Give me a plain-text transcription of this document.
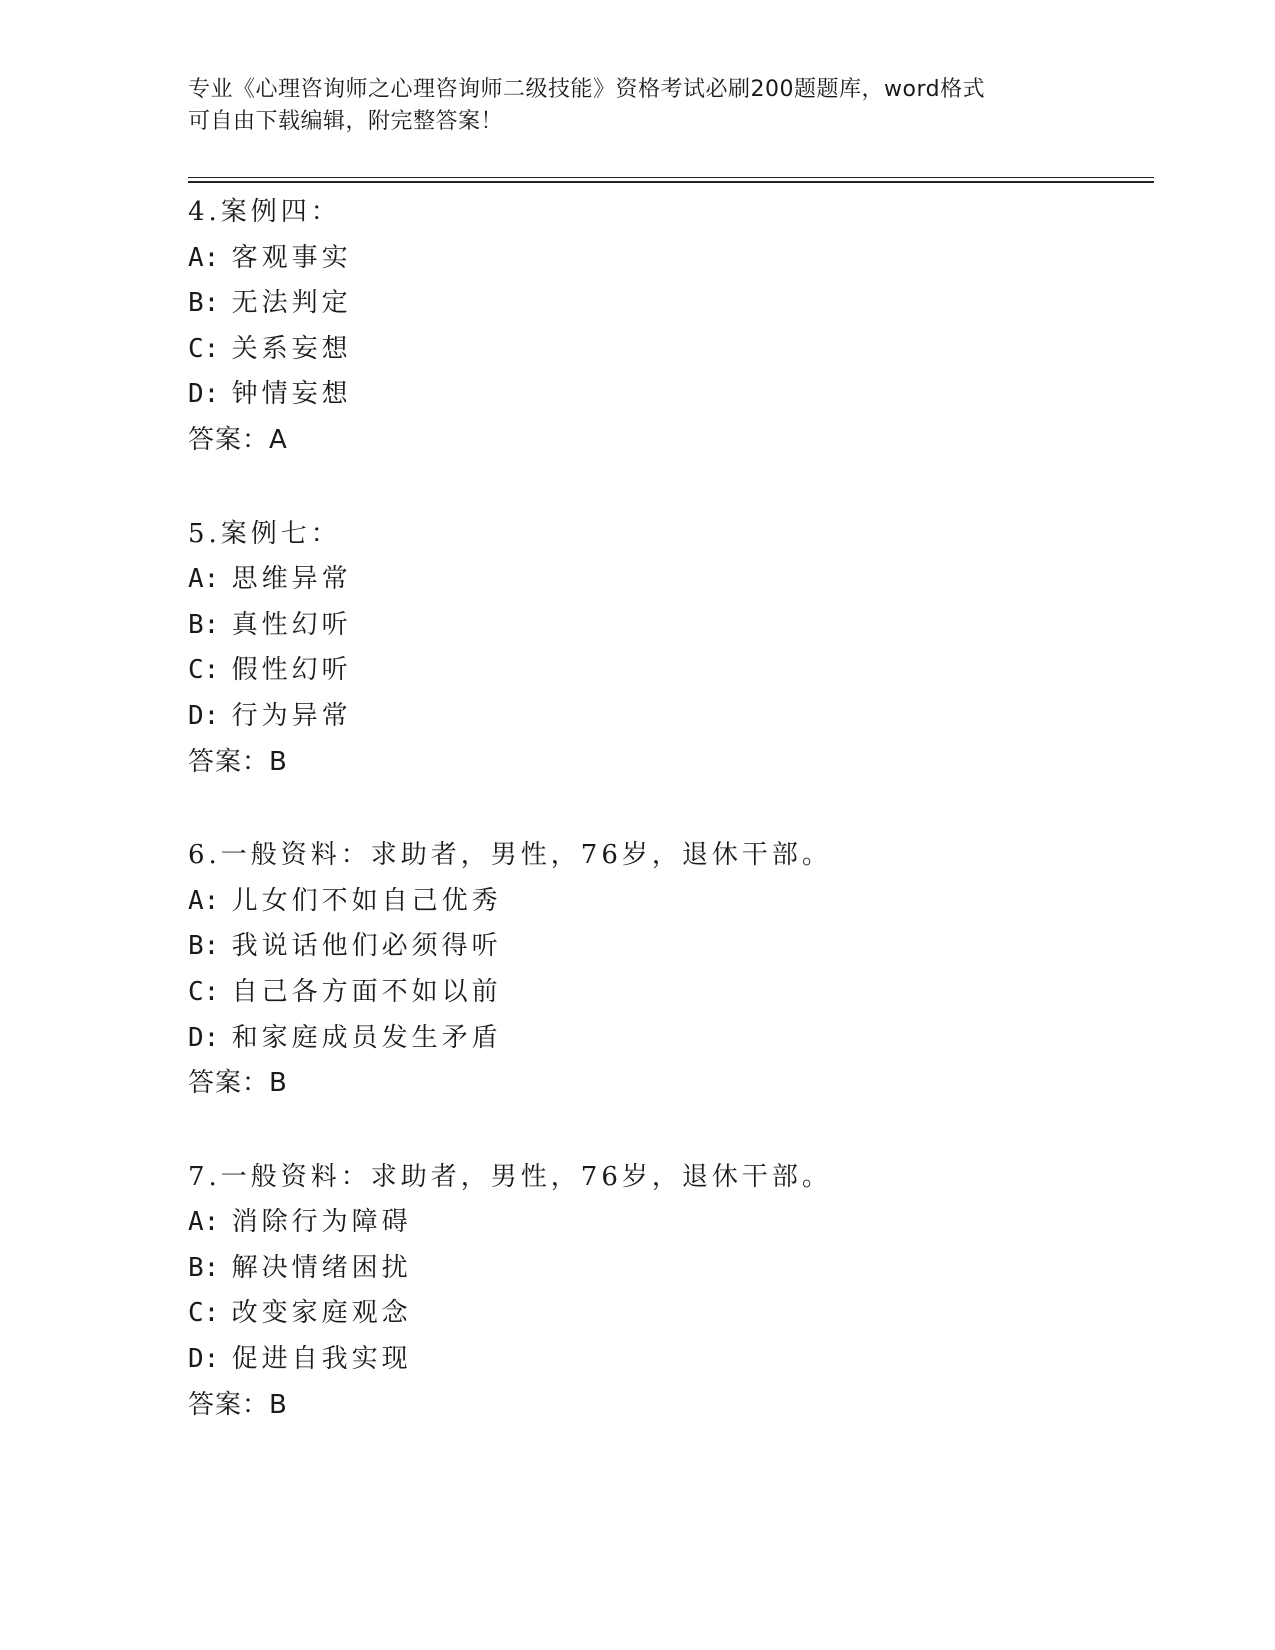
专业《心理咨询师之心理咨询师二级技能》资格考试必刷200题题库，word格式
可自由下载编辑，附完整答案！
4.案例四：
A: 客观事实
B: 无法判定
C: 关系妄想
D: 钟情妄想
答案：A
5.案例七：
A: 思维异常
B: 真性幻听
C: 假性幻听
D: 行为异常
答案：B
6.一般资料：求助者，男性，76岁，退休干部。
A: 儿女们不如自己优秀
B: 我说话他们必须得听
C: 自己各方面不如以前
D: 和家庭成员发生矛盾
答案：B
7.一般资料：求助者，男性，76岁，退休干部。
A: 消除行为障碍
B: 解决情绪困扰
C: 改变家庭观念
D: 促进自我实现
答案：B
